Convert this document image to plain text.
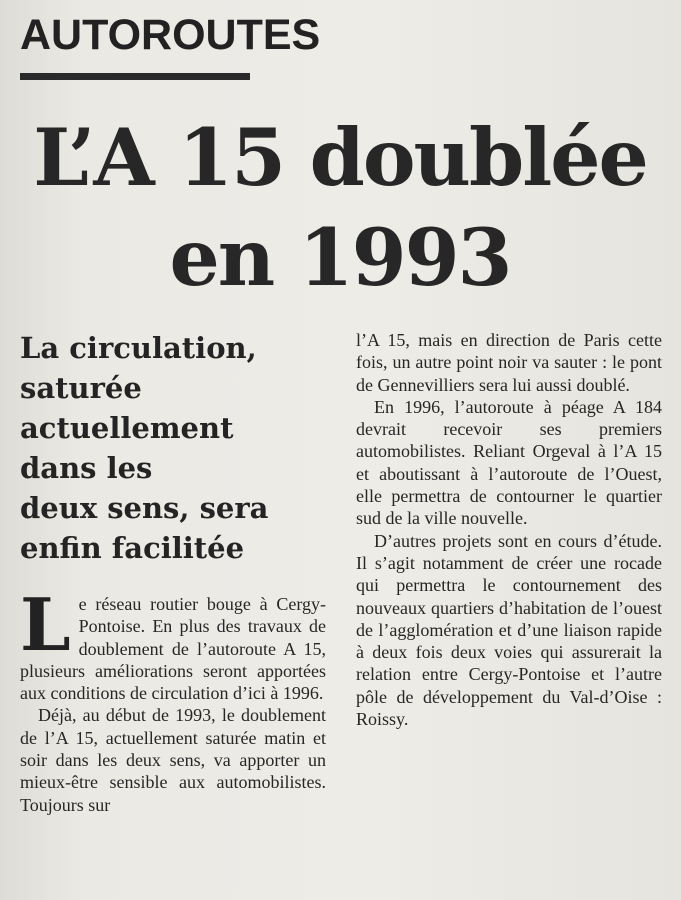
AUTOROUTES
L’A 15 doublée
en 1993
La circulation,
saturée
actuellement
dans les
deux sens, sera
enfin facilitée

Le réseau routier bouge à Cergy-Pontoise. En plus des travaux de doublement de l’autoroute A 15, plusieurs améliorations seront apportées aux conditions de circulation d’ici à 1996.

Déjà, au début de 1993, le doublement de l’A 15, actuellement saturée matin et soir dans les deux sens, va apporter un mieux-être sensible aux automobilistes. Toujours sur

l’A 15, mais en direction de Paris cette fois, un autre point noir va sauter : le pont de Gennevilliers sera lui aussi doublé.

En 1996, l’autoroute à péage A 184 devrait recevoir ses premiers automobilistes. Reliant Orgeval à l’A 15 et aboutissant à l’autoroute de l’Ouest, elle permettra de contourner le quartier sud de la ville nouvelle.

D’autres projets sont en cours d’étude. Il s’agit notamment de créer une rocade qui permettra le contournement des nouveaux quartiers d’habitation de l’ouest de l’agglomération et d’une liaison rapide à deux fois deux voies qui assurerait la relation entre Cergy-Pontoise et l’autre pôle de développement du Val-d’Oise : Roissy.
